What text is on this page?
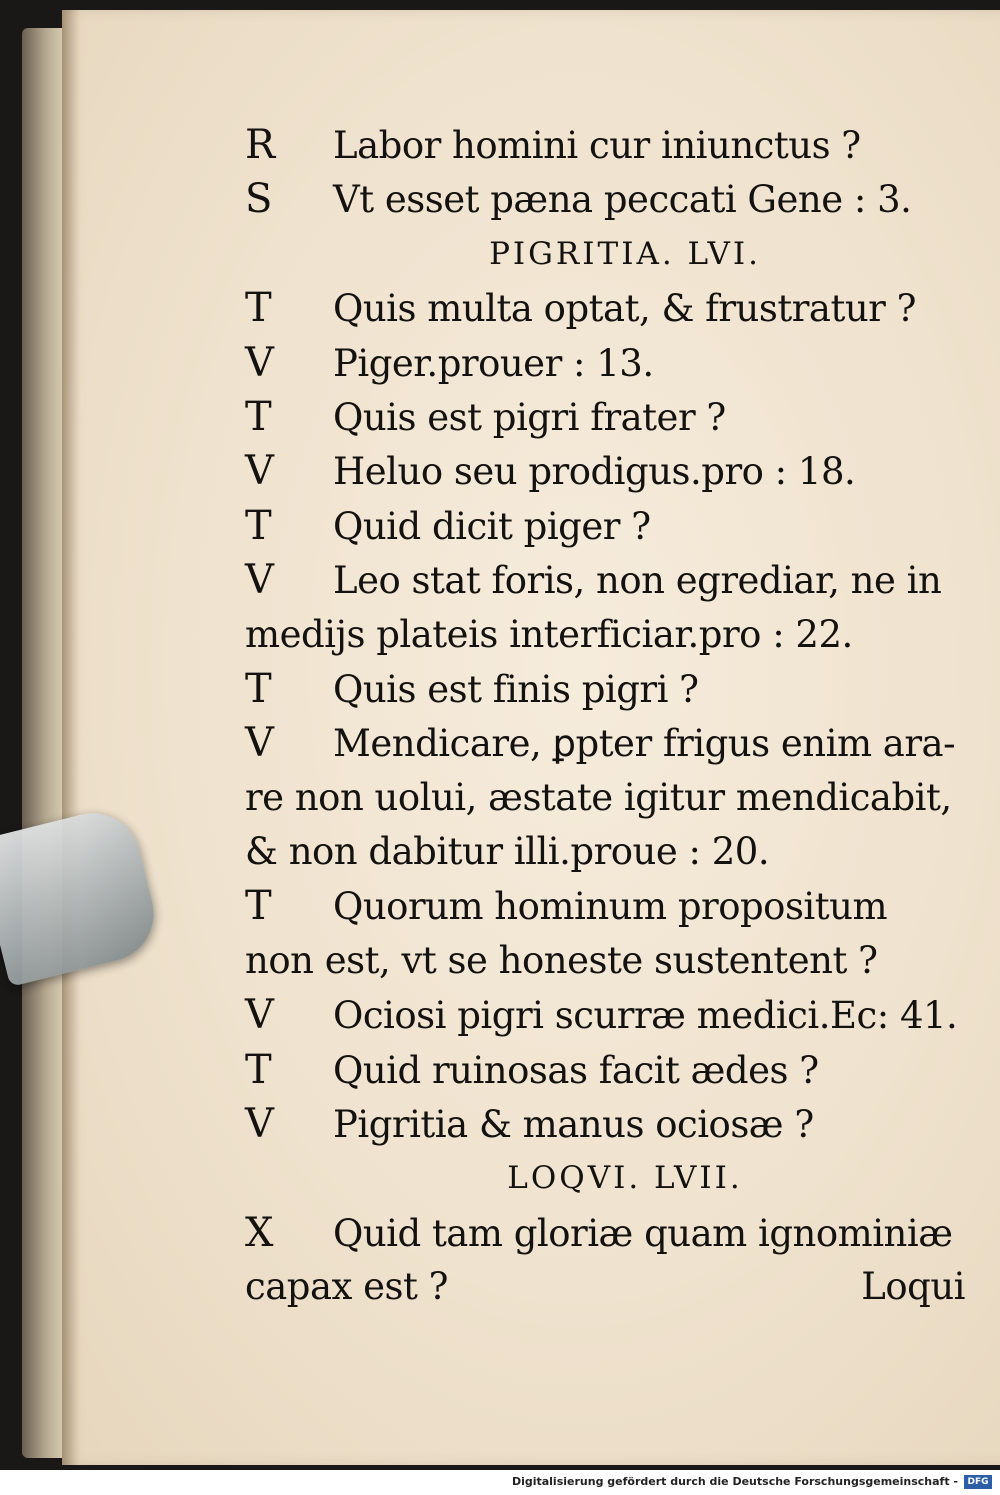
R Labor homini cur iniunctus ?
S Vt esset pæna peccati Gene : 3.
PIGRITIA. LVI.
T Quis multa optat, & frustratur ?
V Piger.prouer : 13.
T Quis est pigri frater ?
V Heluo seu prodigus.pro : 18.
T Quid dicit piger ?
V Leo stat foris, non egrediar, ne in
medijs plateis interficiar.pro : 22.
T Quis est finis pigri ?
V Mendicare, ꝑpter frigus enim ara-
re non uolui, æstate igitur mendicabit,
& non dabitur illi.proue : 20.
T Quorum hominum propositum
non est, vt se honeste sustentent ?
V Ociosi pigri scurræ medici.Ec: 41.
T Quid ruinosas facit ædes ?
V Pigritia & manus ociosæ ?
LOQVI. LVII.
X Quid tam gloriæ quam ignominiæ
capax est ?	Loqui
Digitalisierung gefördert durch die Deutsche Forschungsgemeinschaft -	DFG
